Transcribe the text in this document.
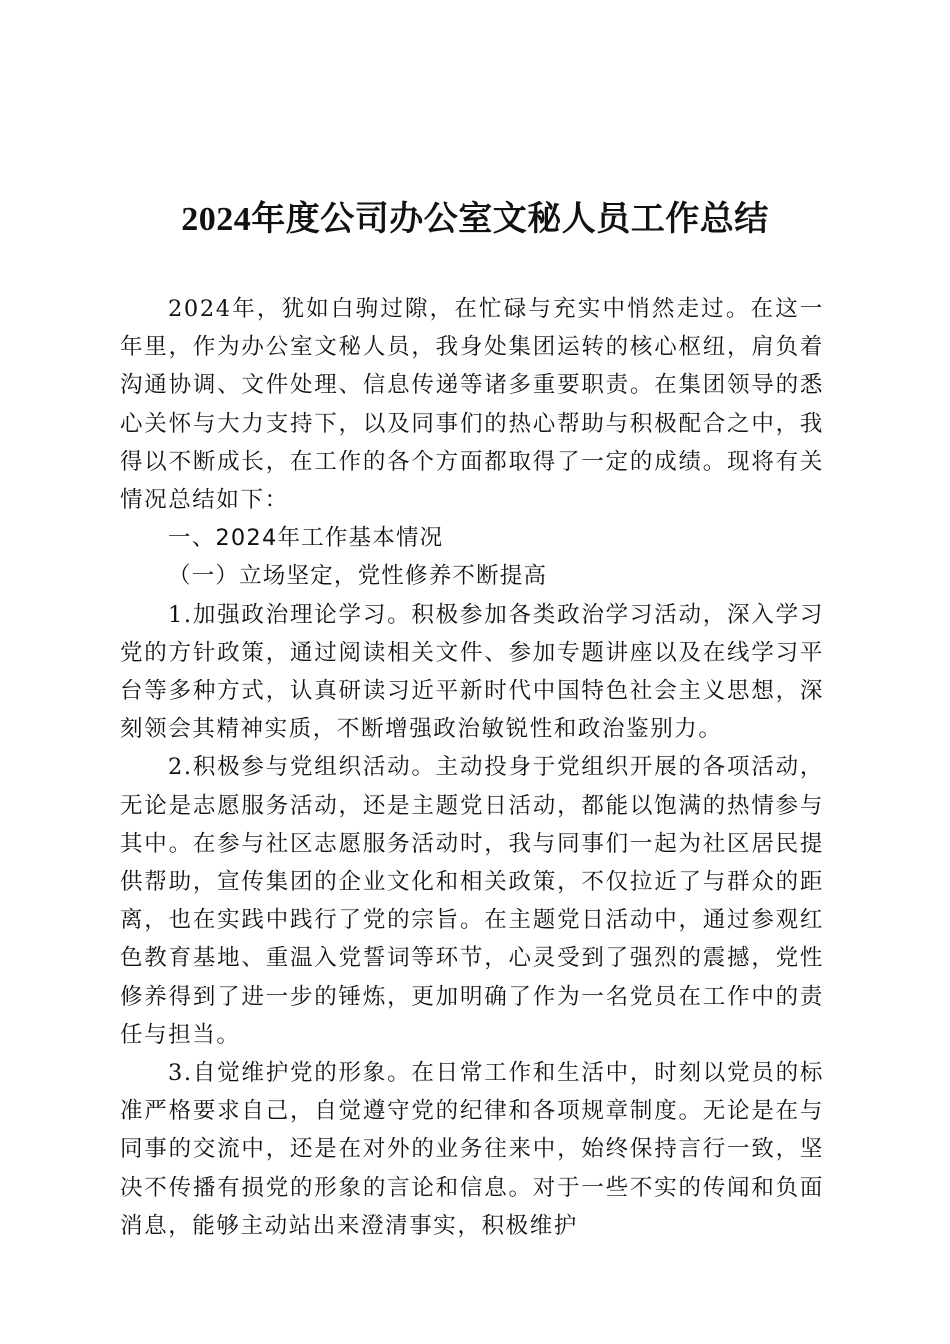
2024年度公司办公室文秘人员工作总结

2024年，犹如白驹过隙，在忙碌与充实中悄然走过。在这一年里，作为办公室文秘人员，我身处集团运转的核心枢纽，肩负着沟通协调、文件处理、信息传递等诸多重要职责。在集团领导的悉心关怀与大力支持下，以及同事们的热心帮助与积极配合之中，我得以不断成长，在工作的各个方面都取得了一定的成绩。现将有关情况总结如下：

一、2024年工作基本情况

（一）立场坚定，党性修养不断提高

1.加强政治理论学习。积极参加各类政治学习活动，深入学习党的方针政策，通过阅读相关文件、参加专题讲座以及在线学习平台等多种方式，认真研读习近平新时代中国特色社会主义思想，深刻领会其精神实质，不断增强政治敏锐性和政治鉴别力。

2.积极参与党组织活动。主动投身于党组织开展的各项活动，无论是志愿服务活动，还是主题党日活动，都能以饱满的热情参与其中。在参与社区志愿服务活动时，我与同事们一起为社区居民提供帮助，宣传集团的企业文化和相关政策，不仅拉近了与群众的距离，也在实践中践行了党的宗旨。在主题党日活动中，通过参观红色教育基地、重温入党誓词等环节，心灵受到了强烈的震撼，党性修养得到了进一步的锤炼，更加明确了作为一名党员在工作中的责任与担当。

3.自觉维护党的形象。在日常工作和生活中，时刻以党员的标准严格要求自己，自觉遵守党的纪律和各项规章制度。无论是在与同事的交流中，还是在对外的业务往来中，始终保持言行一致，坚决不传播有损党的形象的言论和信息。对于一些不实的传闻和负面消息，能够主动站出来澄清事实，积极维护
